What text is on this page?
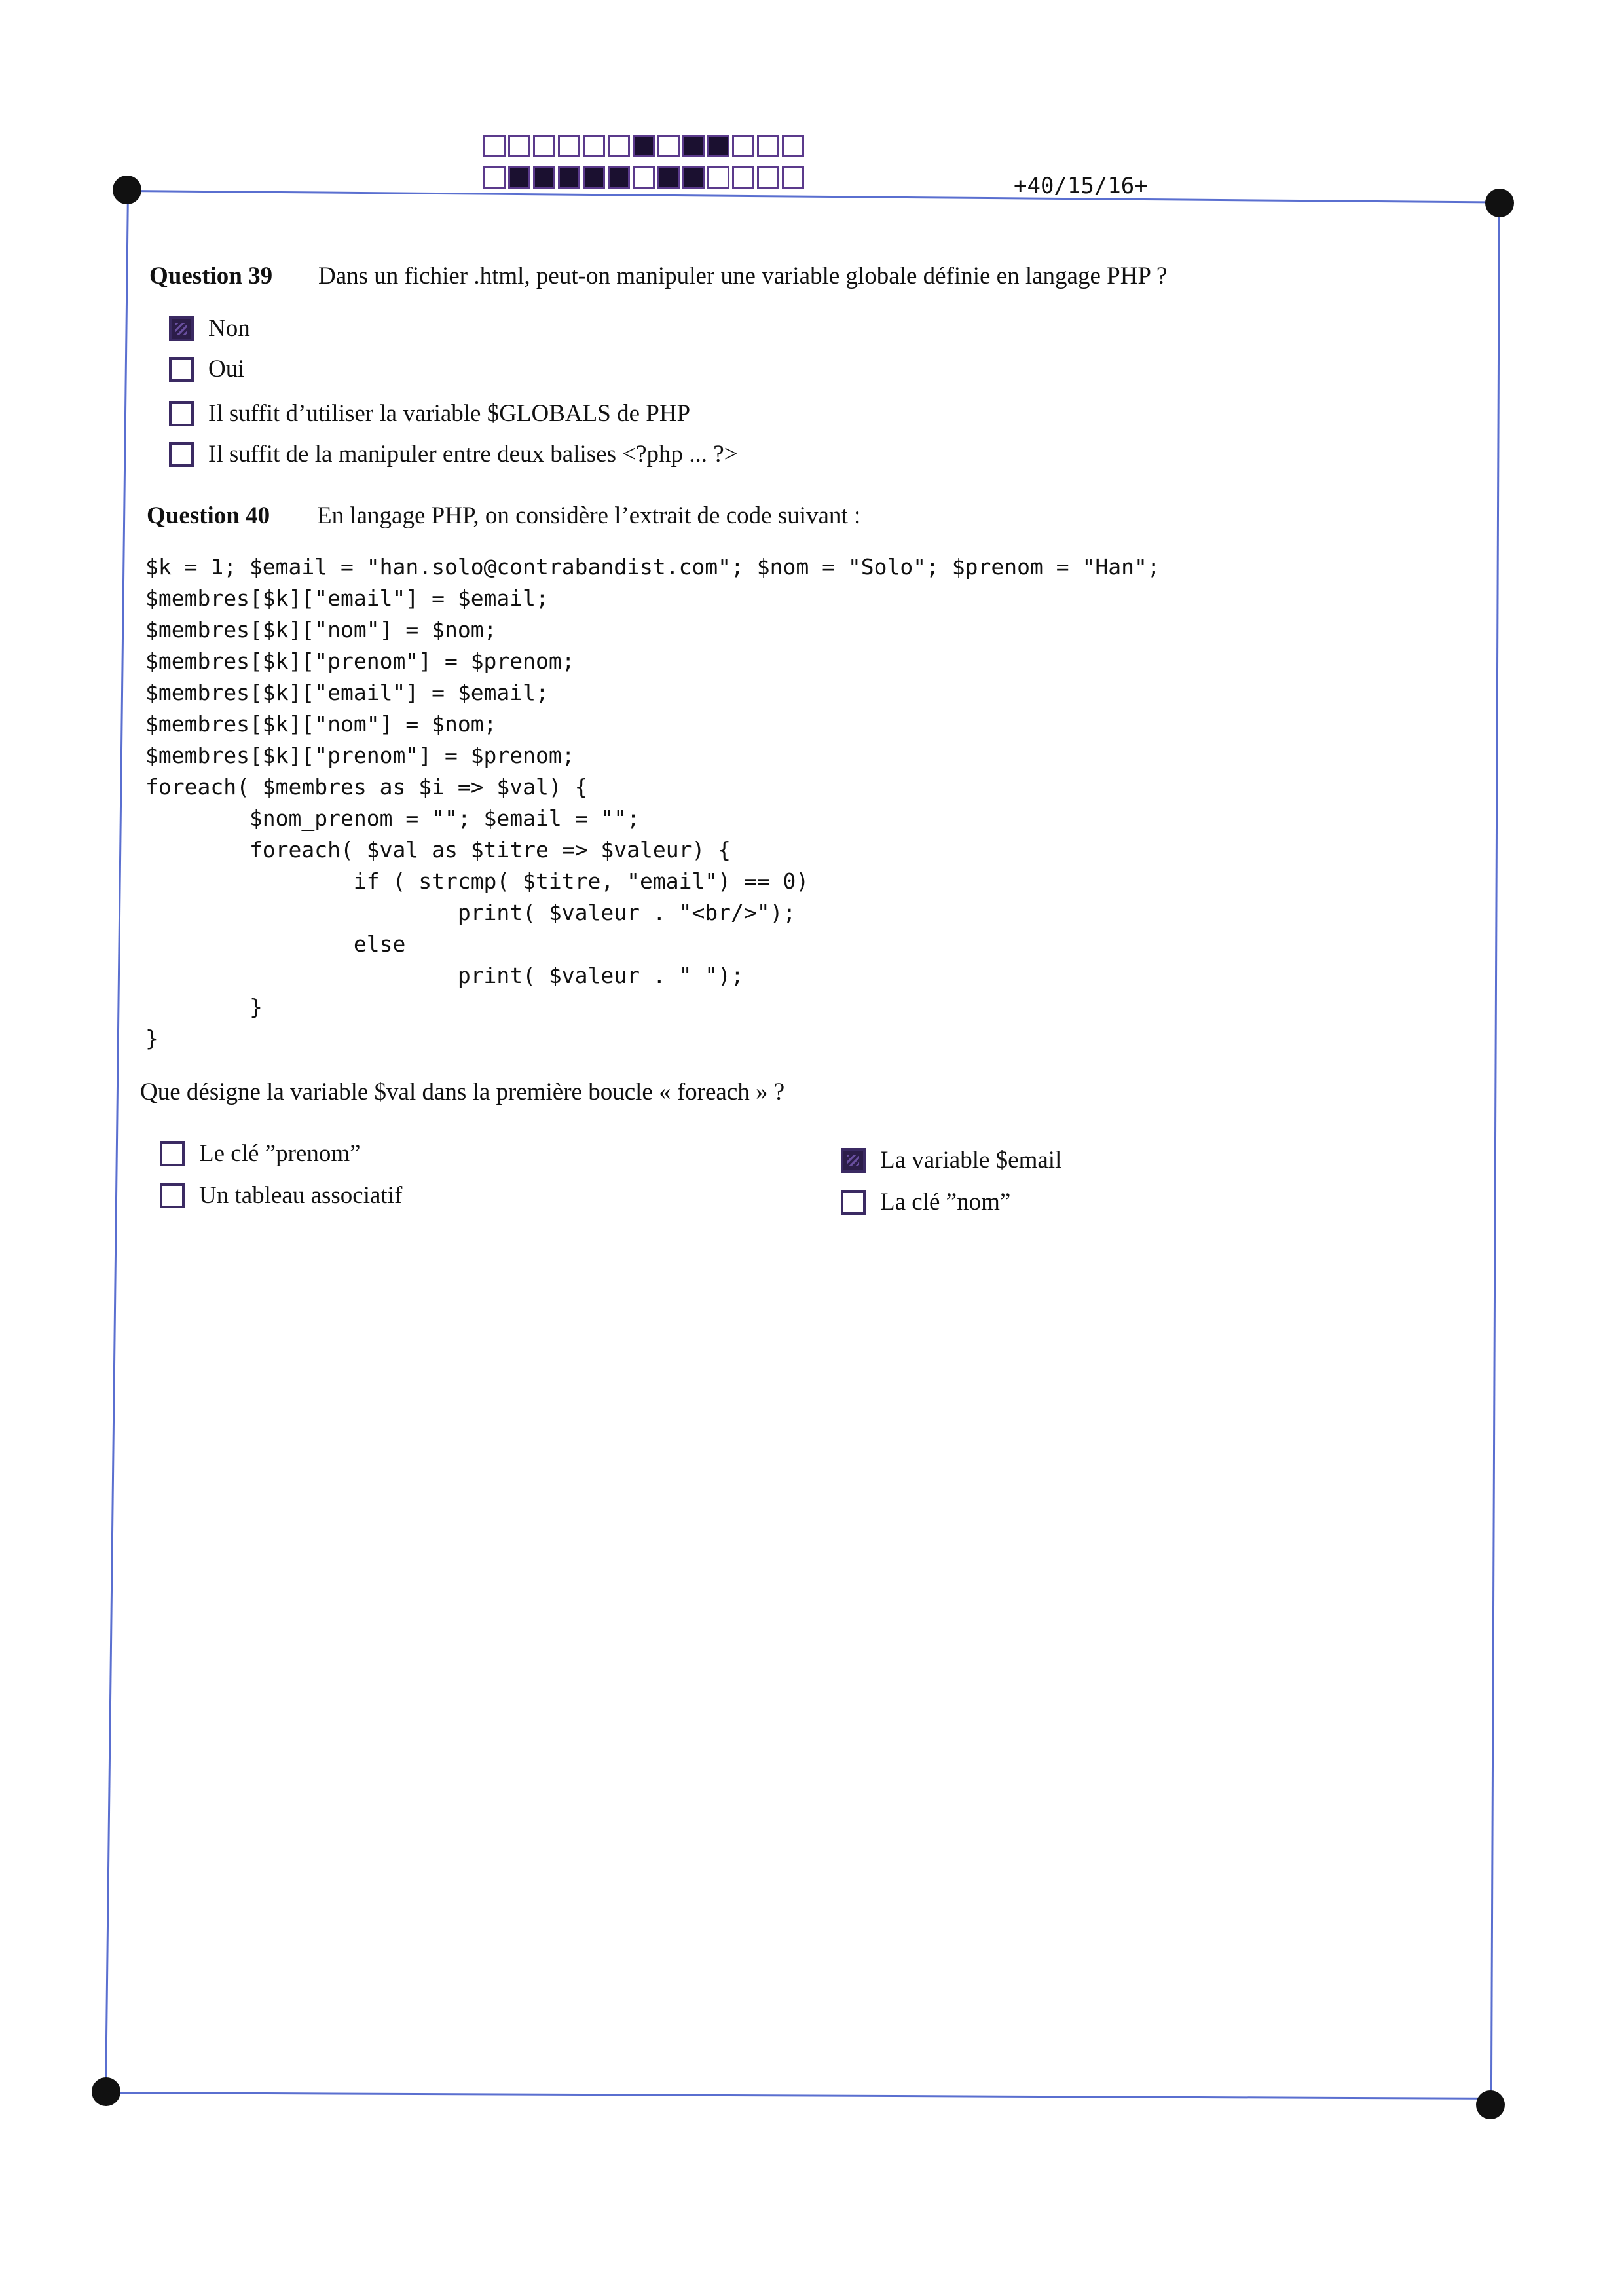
+40/15/16+
Question 39 Dans un fichier .html, peut-on manipuler une variable globale définie en langage PHP ?
Non
Oui
Il suffit d’utiliser la variable $GLOBALS de PHP
Il suffit de la manipuler entre deux balises <?php ... ?>
Question 40 En langage PHP, on considère l’extrait de code suivant :
$k = 1; $email = "han.solo@contrabandist.com"; $nom = "Solo"; $prenom = "Han";
$membres[$k]["email"] = $email;
$membres[$k]["nom"] = $nom;
$membres[$k]["prenom"] = $prenom;
$membres[$k]["email"] = $email;
$membres[$k]["nom"] = $nom;
$membres[$k]["prenom"] = $prenom;
foreach( $membres as $i => $val) {
$nom_prenom = ""; $email = "";
foreach( $val as $titre => $valeur) {
if ( strcmp( $titre, "email") == 0)
print( $valeur . "<br/>");
else
print( $valeur . " ");
}
}
Que désigne la variable $val dans la première boucle « foreach » ?
Le clé ”prenom”
Un tableau associatif
La variable $email
La clé ”nom”
